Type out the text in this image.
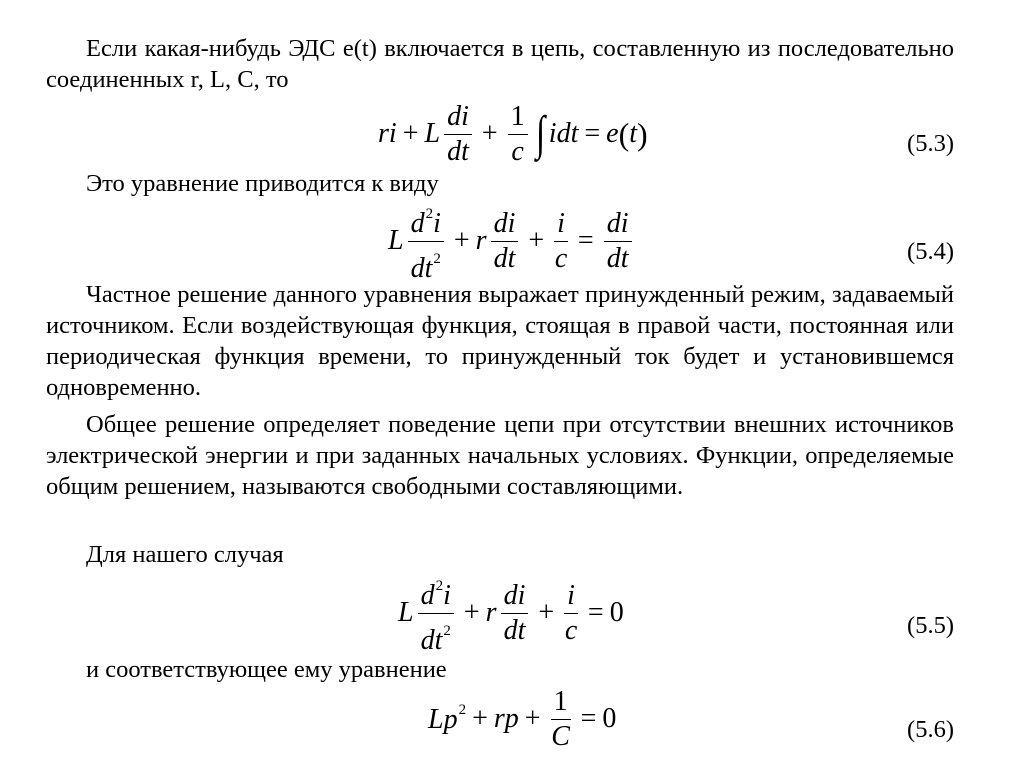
Если какая-нибудь ЭДС е(t) включается в цепь, составленную из последовательно соединенных r, L, С, то

ri + L $\frac{di}{dt} + \frac{1}{c}$ ∫ idt = e ( t )	(5.3)

Это уравнение приводится к виду

L $\frac{d^2i}{dt^2} + r \frac{di}{dt} + \frac{i}{c} = \frac{di}{dt}$	(5.4)

Частное решение данного уравнения выражает принужденный режим, задаваемый источником. Если воздействующая функция, стоящая в правой части, постоянная или периодическая функция времени, то принужденный ток будет и установившемся одновременно.

Общее решение определяет поведение цепи при отсутствии внешних источников электрической энергии и при заданных начальных условиях. Функции, определяемые общим решением, называются свободными составляющими.

Для нашего случая

L $\frac{d^2i}{dt^2} + r \frac{di}{dt} + \frac{i}{c} = 0$	(5.5)

и соответствующее ему уравнение

$Lp^2$ + rp + $\frac{1}{C} = 0$	(5.6)
